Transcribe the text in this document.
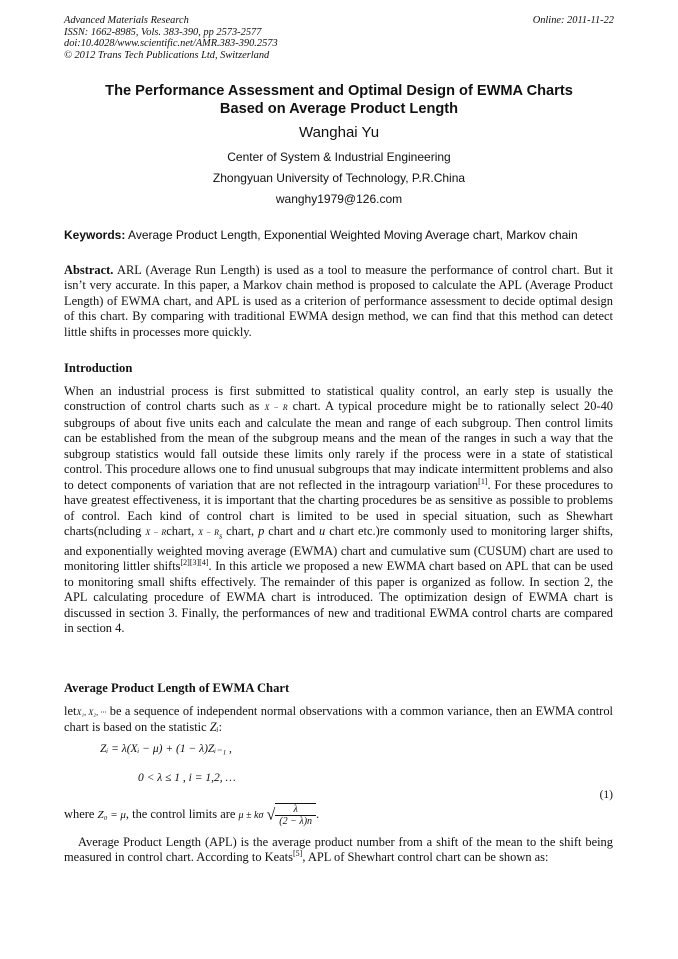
Advanced Materials Research
ISSN: 1662-8985, Vols. 383-390, pp 2573-2577
doi:10.4028/www.scientific.net/AMR.383-390.2573
© 2012 Trans Tech Publications Ltd, Switzerland
Online: 2011-11-22
The Performance Assessment and Optimal Design of EWMA Charts
Based on Average Product Length
Wanghai Yu
Center of System & Industrial Engineering
Zhongyuan University of Technology, P.R.China
wanghy1979@126.com
Keywords: Average Product Length, Exponential Weighted Moving Average chart, Markov chain
Abstract. ARL (Average Run Length) is used as a tool to measure the performance of control chart. But it isn’t very accurate. In this paper, a Markov chain method is proposed to calculate the APL (Average Product Length) of EWMA chart, and APL is used as a criterion of performance assessment to decide optimal design of this chart. By comparing with traditional EWMA design method, we can find that this method can detect little shifts in processes more quickly.
Introduction
When an industrial process is first submitted to statistical quality control, an early step is usually the construction of control charts such as X − R chart. A typical procedure might be to rationally select 20-40 subgroups of about five units each and calculate the mean and range of each subgroup. Then control limits can be established from the mean of the subgroup means and the mean of the ranges in such a way that the subgroup statistics would fall outside these limits only rarely if the process were in a state of statistical control. This procedure allows one to find unusual subgroups that may indicate intermittent problems and also to detect components of variation that are not reflected in the intragourp variation[1]. For these procedures to have greatest effectiveness, it is important that the charting procedures be as sensitive as possible to problems of control. Each kind of control chart is limited to be used in special situation, such as Shewhart charts(ncluding X − Rchart, $X - R_s$ chart, p chart and u chart etc.)re commonly used to monitoring larger shifts, and exponentially weighted moving average (EWMA) chart and cumulative sum (CUSUM) chart are used to monitoring littler shifts[2][3][4]. In this article we proposed a new EWMA chart based on APL that can be used to monitoring small shifts effectively. The remainder of this paper is organized as follow. In section 2, the APL calculating procedure of EWMA chart is introduced. The optimization design of EWMA chart is discussed in section 3. Finally, the performances of new and traditional EWMA control charts are compared in section 4.
Average Product Length of EWMA Chart
letX₁, X₂, ··· be a sequence of independent normal observations with a common variance, then an EWMA control chart is based on the statistic Zᵢ:
Zᵢ = λ(Xᵢ − μ) + (1 − λ)Zᵢ₋₁ ,
0 < λ ≤ 1 , i = 1,2, …
(1)
where Z₀ = μ, the control limits are μ ± kσ √ $\frac{\lambda}{(2 - \lambda)n}$ .
Average Product Length (APL) is the average product number from a shift of the mean to the shift being measured in control chart. According to Keats[5], APL of Shewhart control chart can be shown as:
